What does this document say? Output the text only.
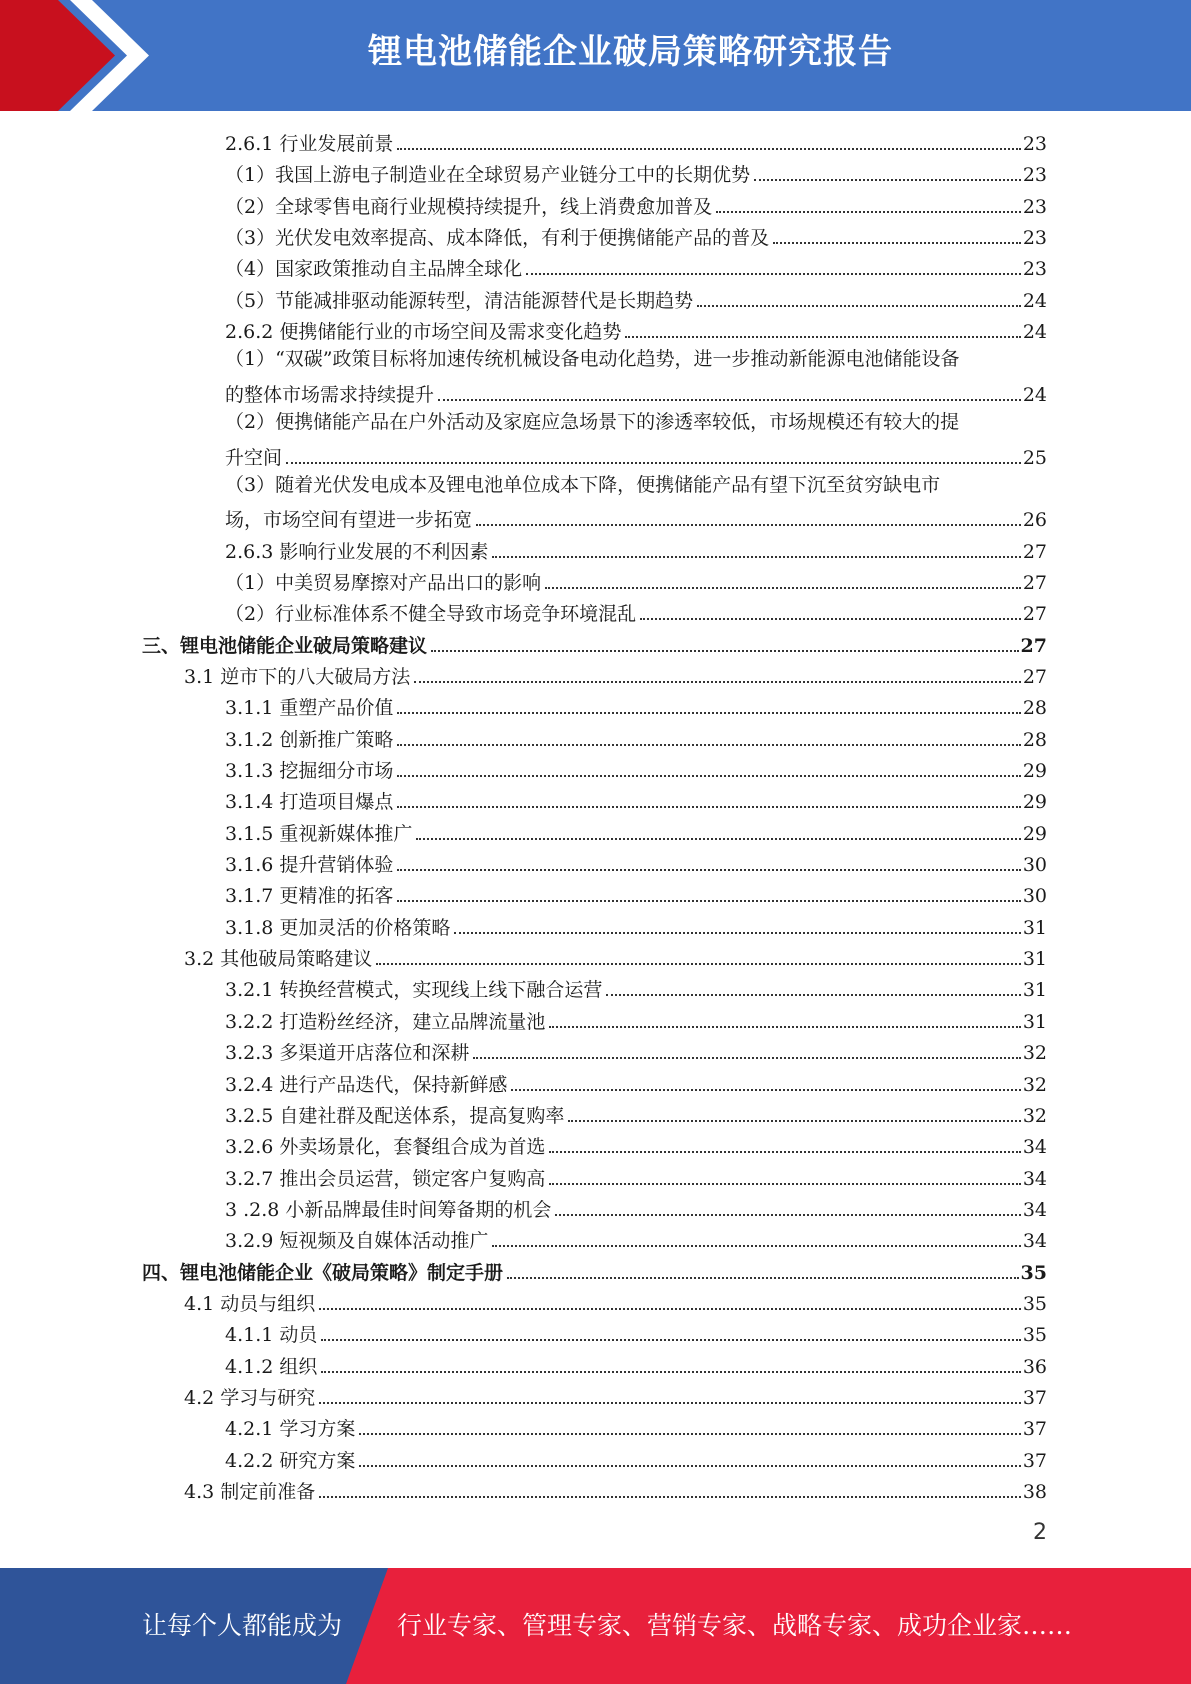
锂电池储能企业破局策略研究报告
2.6.1 行业发展前景	23
（1）我国上游电子制造业在全球贸易产业链分工中的长期优势	23
（2）全球零售电商行业规模持续提升，线上消费愈加普及	23
（3）光伏发电效率提高、成本降低，有利于便携储能产品的普及	23
（4）国家政策推动自主品牌全球化	23
（5）节能减排驱动能源转型，清洁能源替代是长期趋势	24
2.6.2 便携储能行业的市场空间及需求变化趋势	24
（1）“双碳”政策目标将加速传统机械设备电动化趋势，进一步推动新能源电池储能设备
的整体市场需求持续提升	24
（2）便携储能产品在户外活动及家庭应急场景下的渗透率较低，市场规模还有较大的提
升空间	25
（3）随着光伏发电成本及锂电池单位成本下降，便携储能产品有望下沉至贫穷缺电市
场，市场空间有望进一步拓宽	26
2.6.3 影响行业发展的不利因素	27
（1）中美贸易摩擦对产品出口的影响	27
（2）行业标准体系不健全导致市场竞争环境混乱	27
三、锂电池储能企业破局策略建议	27
3.1 逆市下的八大破局方法	27
3.1.1 重塑产品价值	28
3.1.2 创新推广策略	28
3.1.3 挖掘细分市场	29
3.1.4 打造项目爆点	29
3.1.5 重视新媒体推广	29
3.1.6 提升营销体验	30
3.1.7 更精准的拓客	30
3.1.8 更加灵活的价格策略	31
3.2 其他破局策略建议	31
3.2.1 转换经营模式，实现线上线下融合运营	31
3.2.2 打造粉丝经济，建立品牌流量池	31
3.2.3 多渠道开店落位和深耕	32
3.2.4 进行产品迭代，保持新鲜感	32
3.2.5 自建社群及配送体系，提高复购率	32
3.2.6 外卖场景化，套餐组合成为首选	34
3.2.7 推出会员运营，锁定客户复购高	34
3 .2.8 小新品牌最佳时间筹备期的机会	34
3.2.9 短视频及自媒体活动推广	34
四、锂电池储能企业《破局策略》制定手册	35
4.1 动员与组织	35
4.1.1 动员	35
4.1.2 组织	36
4.2 学习与研究	37
4.2.1 学习方案	37
4.2.2 研究方案	37
4.3 制定前准备	38
2
让每个人都能成为 行业专家、管理专家、营销专家、战略专家、成功企业家……
